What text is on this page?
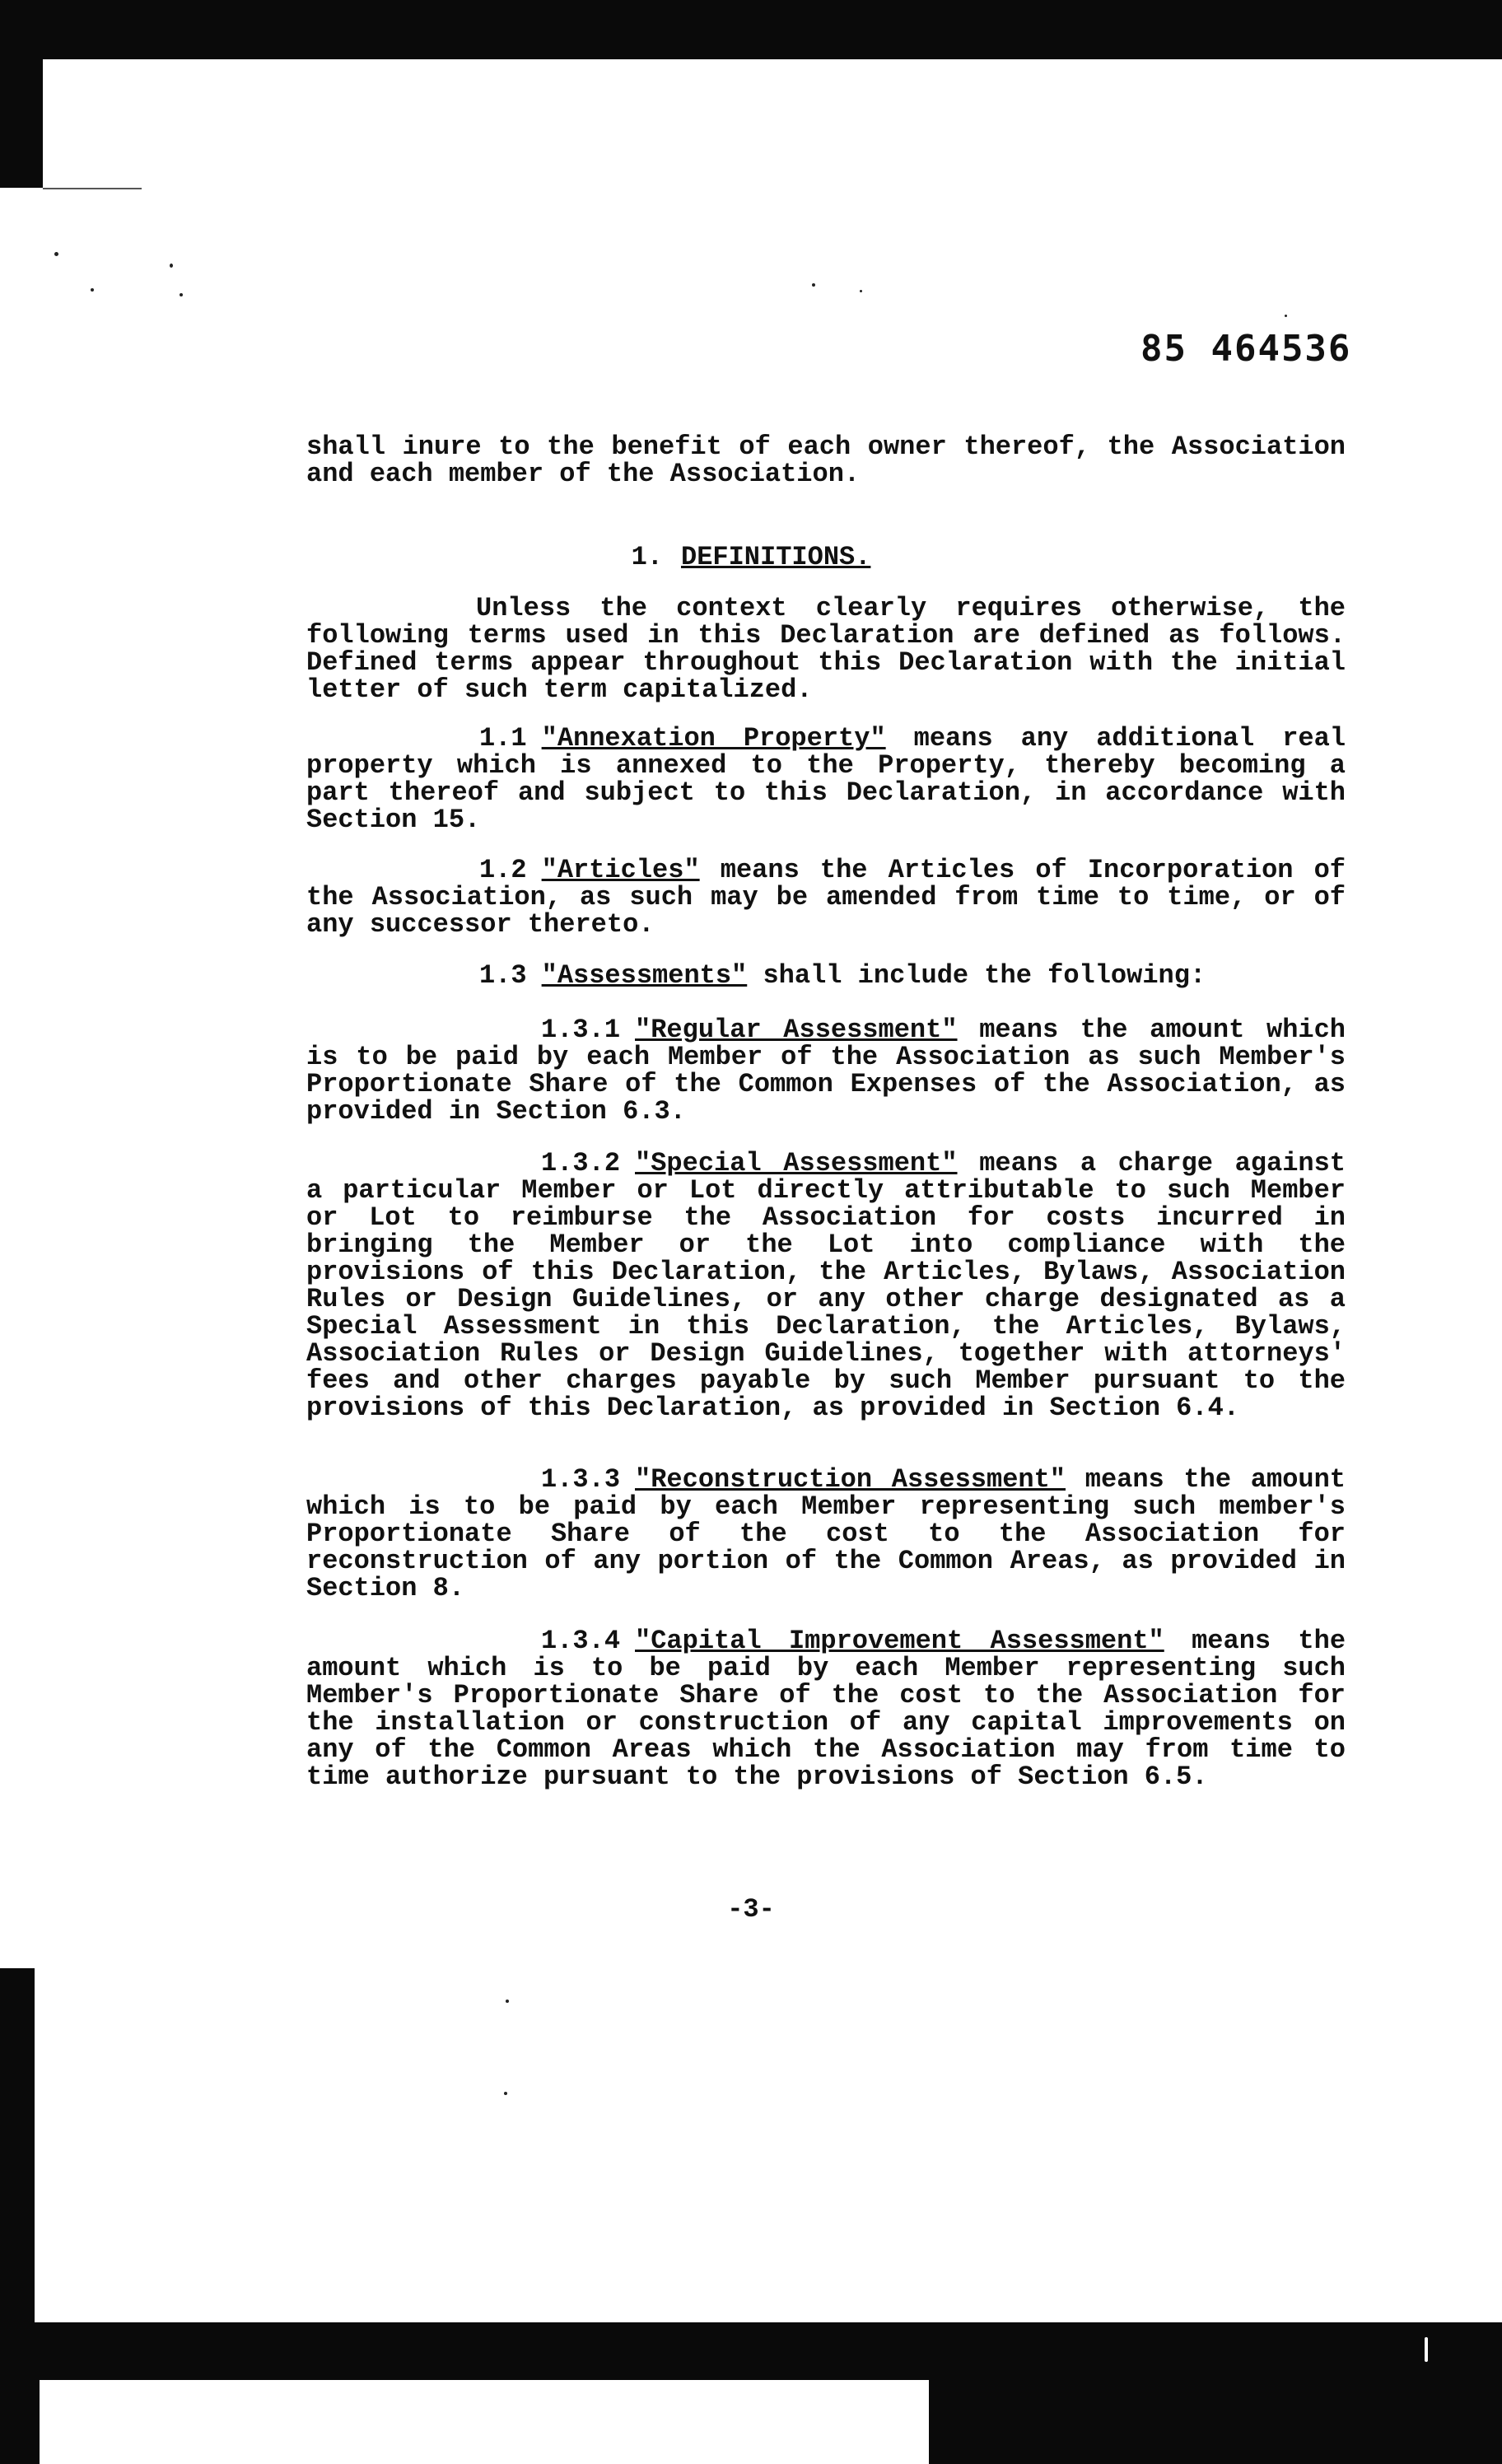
85 464536

shall inure to the benefit of each owner thereof, the Association and each member of the Association.

1. DEFINITIONS.

Unless the context clearly requires otherwise, the following terms used in this Declaration are defined as follows. Defined terms appear throughout this Declaration with the initial letter of such term capitalized.

1.1 "Annexation Property" means any additional real property which is annexed to the Property, thereby becoming a part thereof and subject to this Declaration, in accordance with Section 15.

1.2 "Articles" means the Articles of Incorporation of the Association, as such may be amended from time to time, or of any successor thereto.

1.3 "Assessments" shall include the following:

1.3.1 "Regular Assessment" means the amount which is to be paid by each Member of the Association as such Member's Proportionate Share of the Common Expenses of the Association, as provided in Section 6.3.

1.3.2 "Special Assessment" means a charge against a particular Member or Lot directly attributable to such Member or Lot to reimburse the Association for costs incurred in bringing the Member or the Lot into compliance with the provisions of this Declaration, the Articles, Bylaws, Association Rules or Design Guidelines, or any other charge designated as a Special Assessment in this Declaration, the Articles, Bylaws, Association Rules or Design Guidelines, together with attorneys' fees and other charges payable by such Member pursuant to the provisions of this Declaration, as provided in Section 6.4.

1.3.3 "Reconstruction Assessment" means the amount which is to be paid by each Member representing such member's Proportionate Share of the cost to the Association for reconstruction of any portion of the Common Areas, as provided in Section 8.

1.3.4 "Capital Improvement Assessment" means the amount which is to be paid by each Member representing such Member's Proportionate Share of the cost to the Association for the installation or construction of any capital improvements on any of the Common Areas which the Association may from time to time authorize pursuant to the provisions of Section 6.5.

-3-
